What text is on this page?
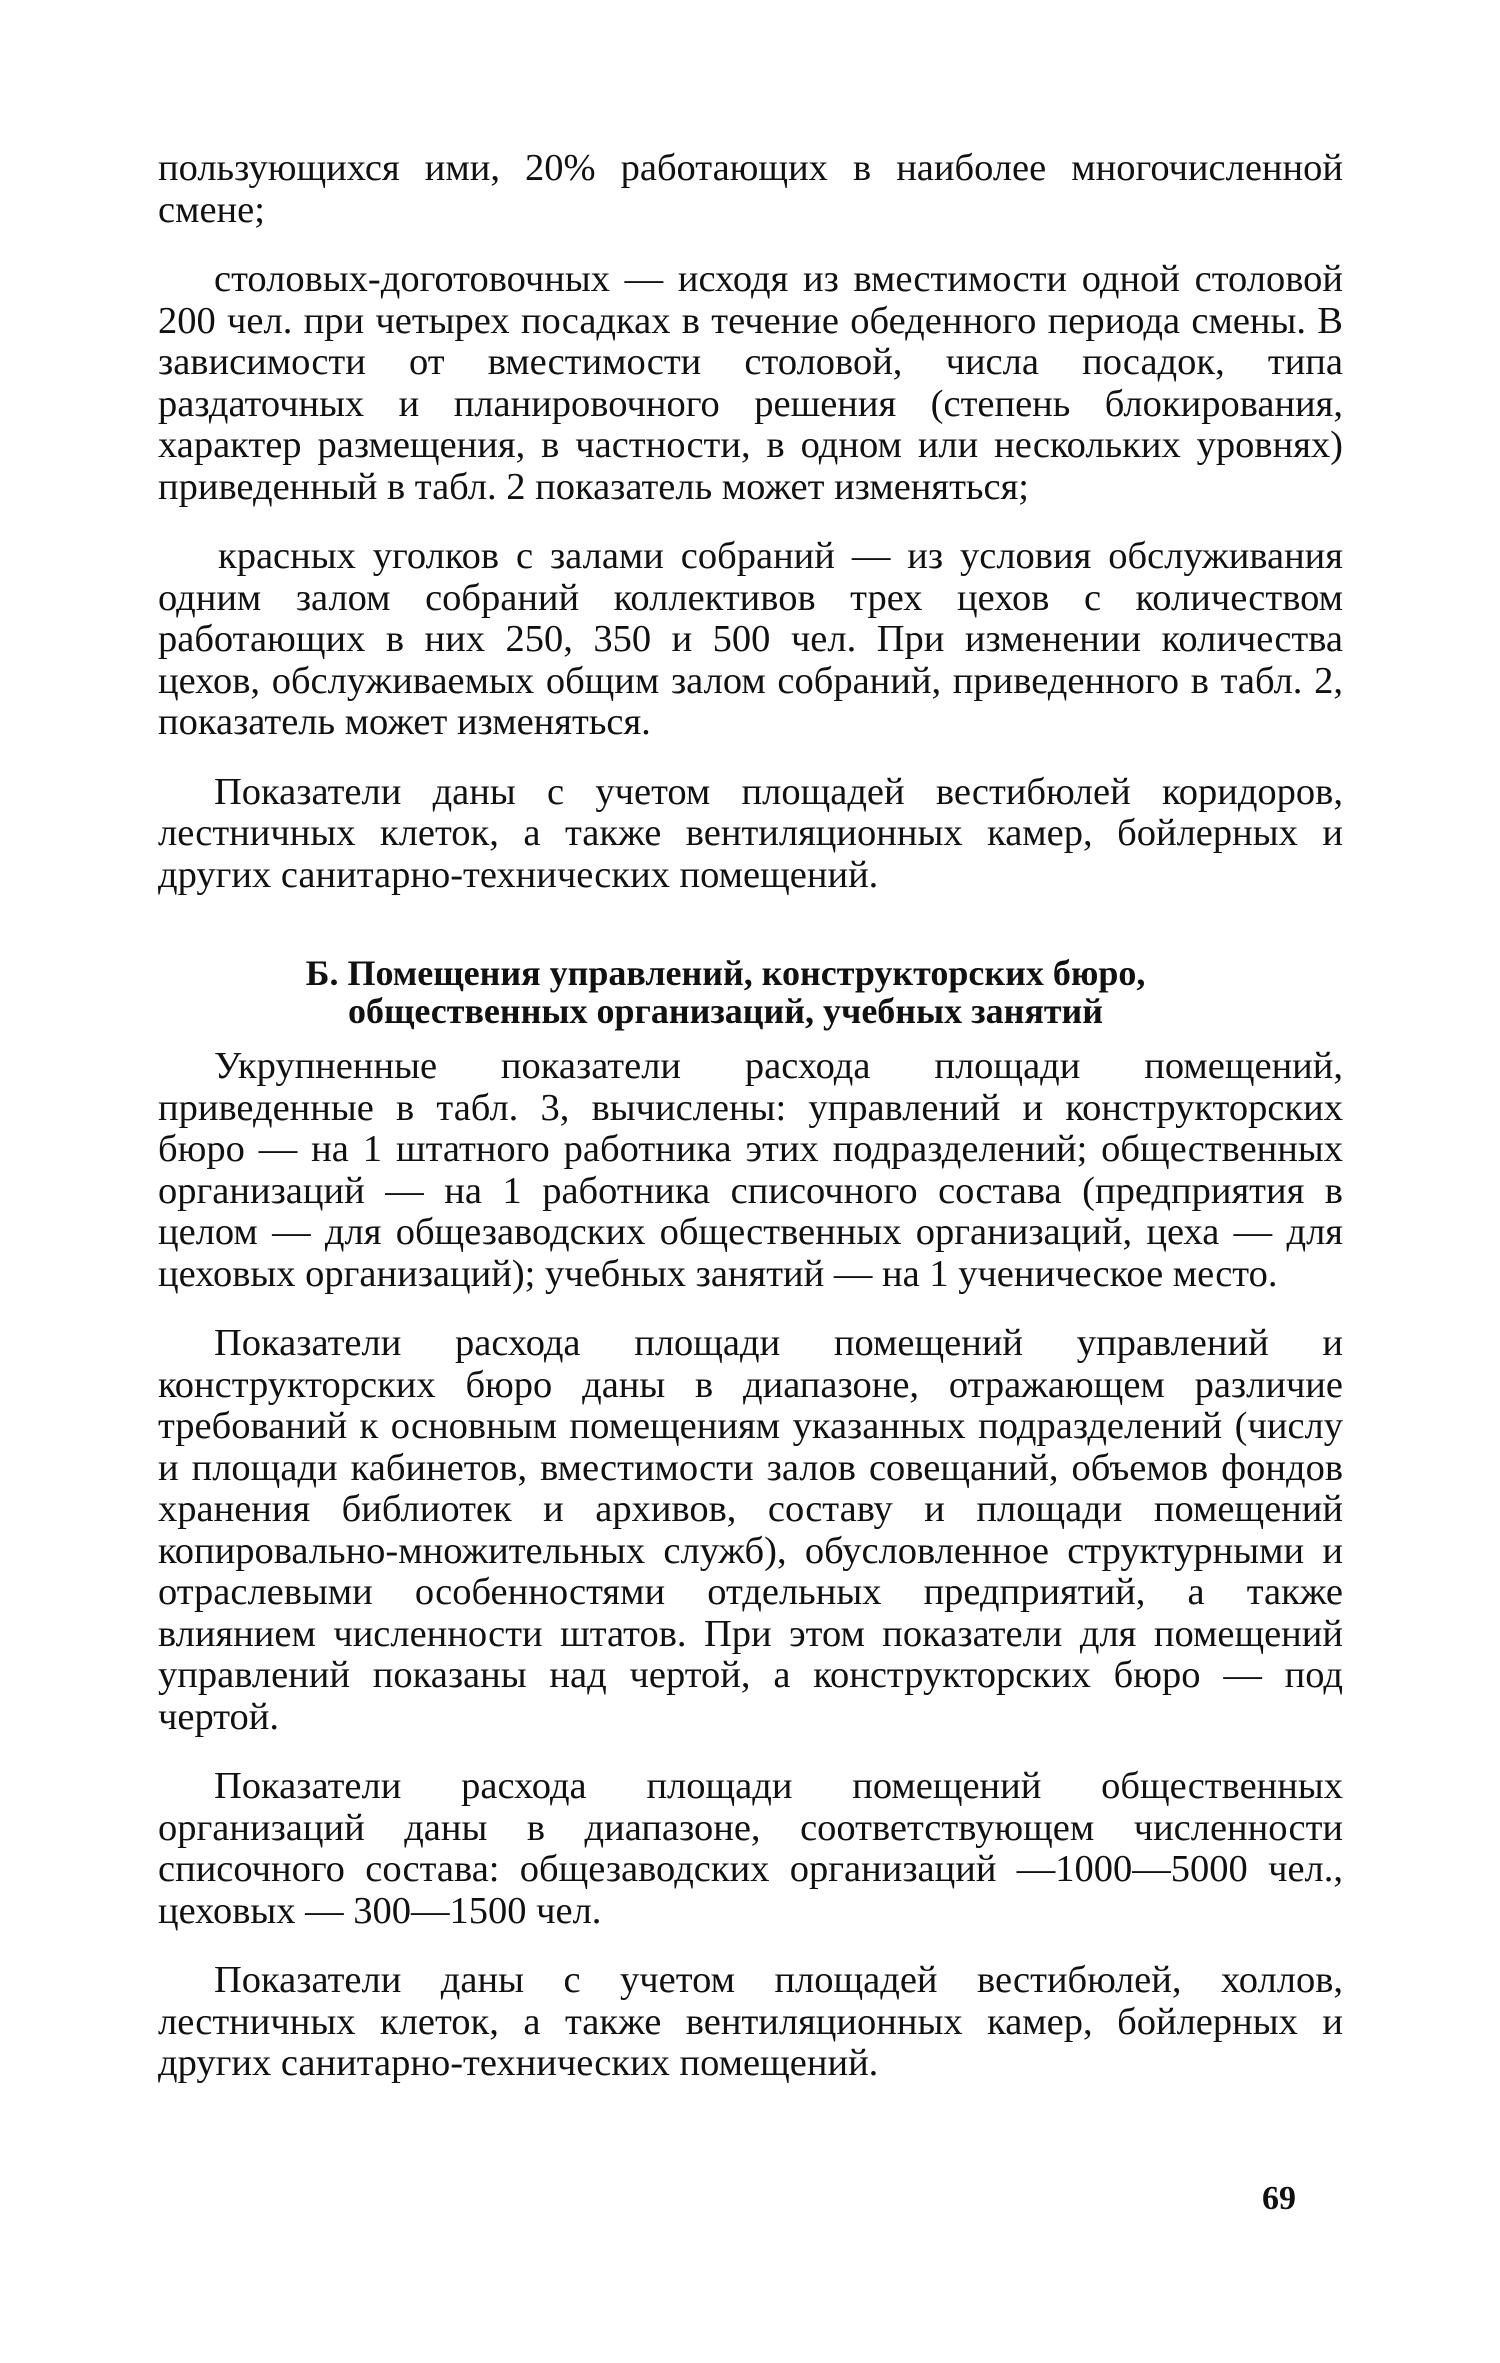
пользующихся ими, 20% работающих в наиболее многочисленной смене;

столовых-доготовочных — исходя из вместимости одной столовой 200 чел. при четырех посадках в течение обеденного периода смены. В зависимости от вместимости столовой, числа посадок, типа раздаточных и планировочного решения (степень блокирования, характер размещения, в частности, в одном или нескольких уровнях) приведенный в табл. 2 показатель может изменяться;

красных уголков с залами собраний — из условия обслуживания одним залом собраний коллективов трех цехов с количеством работающих в них 250, 350 и 500 чел. При изменении количества цехов, обслуживаемых общим залом собраний, приведенного в табл. 2, показатель может изменяться.

Показатели даны с учетом площадей вестибюлей коридоров, лестничных клеток, а также вентиляционных камер, бойлерных и других санитарно-технических помещений.

Б. Помещения управлений, конструкторских бюро,
общественных организаций, учебных занятий

Укрупненные показатели расхода площади помещений, приведенные в табл. 3, вычислены: управлений и конструкторских бюро — на 1 штатного работника этих подразделений; общественных организаций — на 1 работника списочного состава (предприятия в целом — для общезаводских общественных организаций, цеха — для цеховых организаций); учебных занятий — на 1 ученическое место.

Показатели расхода площади помещений управлений и конструкторских бюро даны в диапазоне, отражающем различие требований к основным помещениям указанных подразделений (числу и площади кабинетов, вместимости залов совещаний, объемов фондов хранения библиотек и архивов, составу и площади помещений копировально-множительных служб), обусловленное структурными и отраслевыми особенностями отдельных предприятий, а также влиянием численности штатов. При этом показатели для помещений управлений показаны над чертой, а конструкторских бюро — под чертой.

Показатели расхода площади помещений общественных организаций даны в диапазоне, соответствующем численности списочного состава: общезаводских организаций —1000—5000 чел., цеховых — 300—1500 чел.

Показатели даны с учетом площадей вестибюлей, холлов, лестничных клеток, а также вентиляционных камер, бойлерных и других санитарно-технических помещений.

69
